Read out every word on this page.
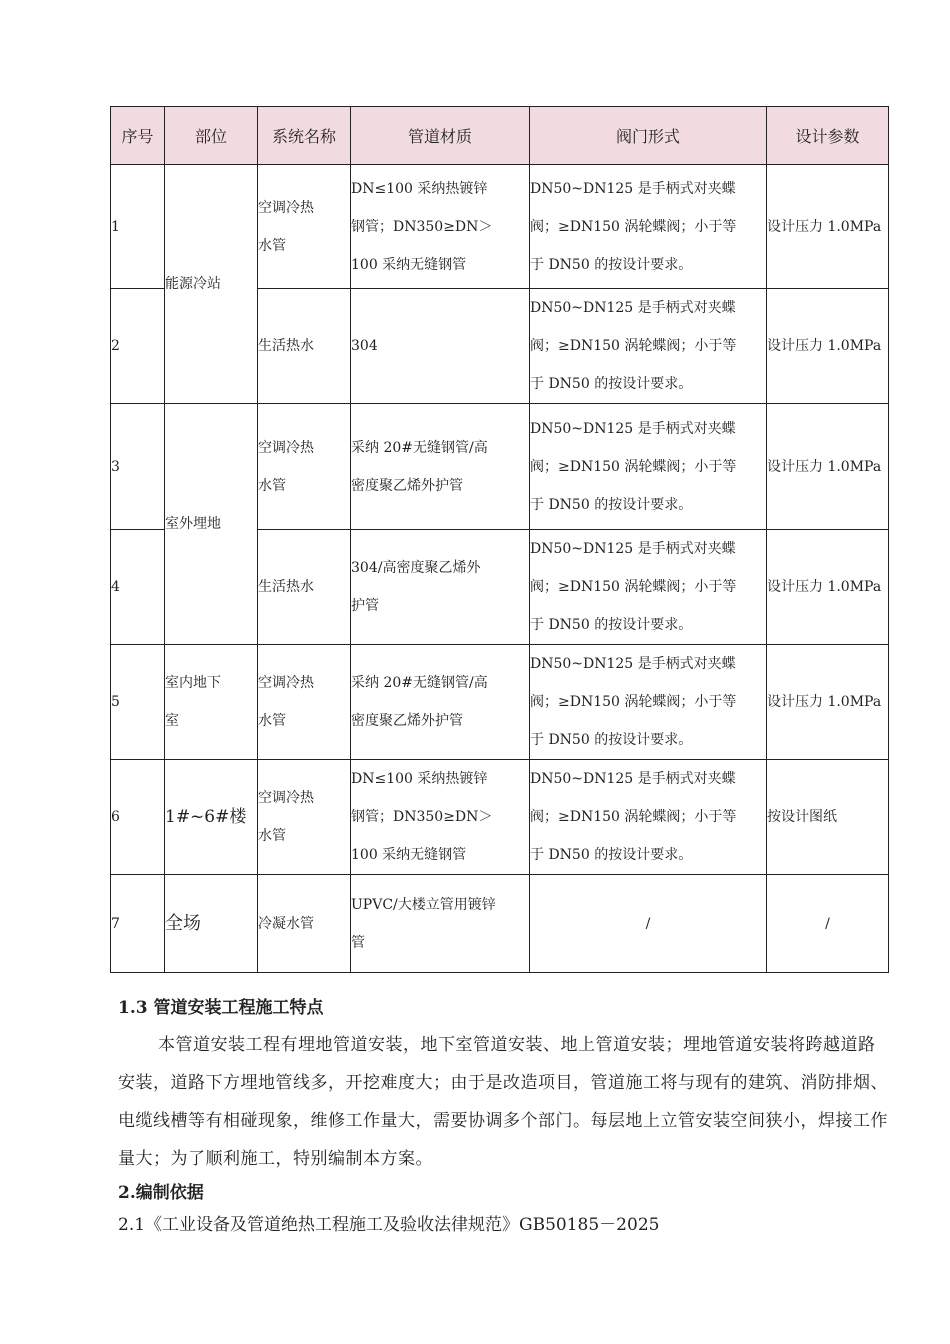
序号	部位	系统名称	管道材质	阀门形式	设计参数
1	能源冷站	空调冷热
水管	DN≤100 采纳热镀锌
钢管；DN350≥DN＞
100 采纳无缝钢管	DN50~DN125 是手柄式对夹蝶
阀；≥DN150 涡轮蝶阀；小于等
于 DN50 的按设计要求。	设计压力 1.0MPa
2		生活热水	304	DN50~DN125 是手柄式对夹蝶
阀；≥DN150 涡轮蝶阀；小于等
于 DN50 的按设计要求。	设计压力 1.0MPa
3	室外埋地	空调冷热
水管	采纳 20#无缝钢管/高
密度聚乙烯外护管	DN50~DN125 是手柄式对夹蝶
阀；≥DN150 涡轮蝶阀；小于等
于 DN50 的按设计要求。	设计压力 1.0MPa
4		生活热水	304/高密度聚乙烯外
护管	DN50~DN125 是手柄式对夹蝶
阀；≥DN150 涡轮蝶阀；小于等
于 DN50 的按设计要求。	设计压力 1.0MPa
5	室内地下
室	空调冷热
水管	采纳 20#无缝钢管/高
密度聚乙烯外护管	DN50~DN125 是手柄式对夹蝶
阀；≥DN150 涡轮蝶阀；小于等
于 DN50 的按设计要求。	设计压力 1.0MPa
6	1#~6#楼	空调冷热
水管	DN≤100 采纳热镀锌
钢管；DN350≥DN＞
100 采纳无缝钢管	DN50~DN125 是手柄式对夹蝶
阀；≥DN150 涡轮蝶阀；小于等
于 DN50 的按设计要求。	按设计图纸
7	全场	冷凝水管	UPVC/大楼立管用镀锌
管	/	/
1.3 管道安装工程施工特点
本管道安装工程有埋地管道安装，地下室管道安装、地上管道安装；埋地管道安装将跨越道路安装，道路下方埋地管线多，开挖难度大；由于是改造项目，管道施工将与现有的建筑、消防排烟、电缆线槽等有相碰现象，维修工作量大，需要协调多个部门。每层地上立管安装空间狭小，焊接工作量大；为了顺利施工，特别编制本方案。
2.编制依据
2.1《工业设备及管道绝热工程施工及验收法律规范》GB50185－2025
